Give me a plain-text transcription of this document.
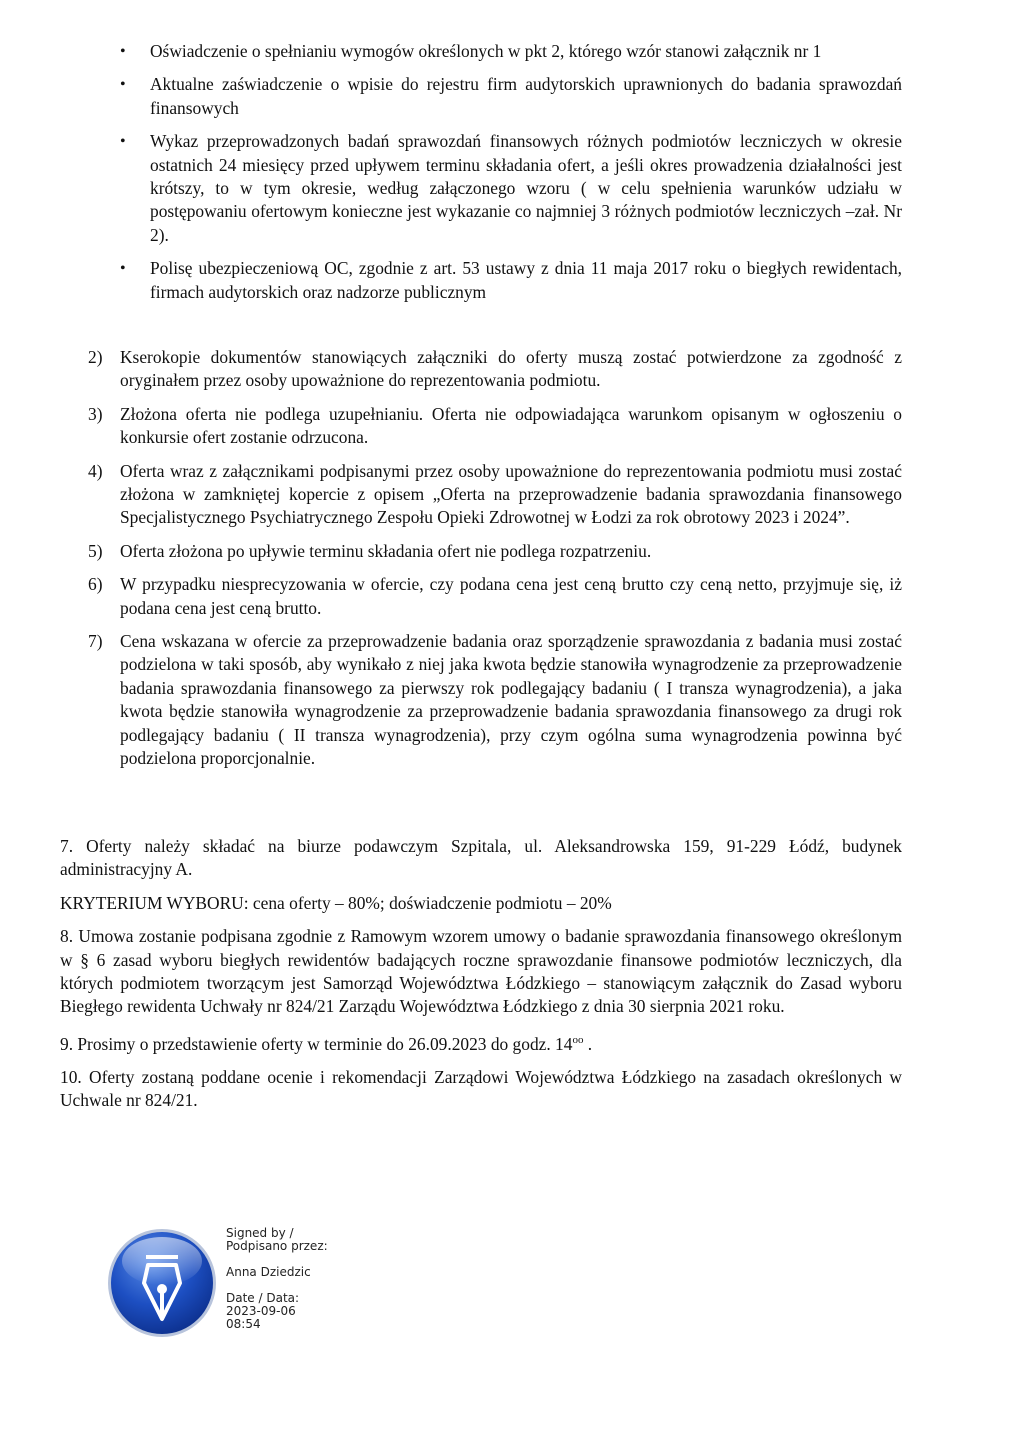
• Oświadczenie o spełnianiu wymogów określonych w pkt 2, którego wzór stanowi załącznik nr 1
• Aktualne zaświadczenie o wpisie do rejestru firm audytorskich uprawnionych do badania sprawozdań finansowych
• Wykaz przeprowadzonych badań sprawozdań finansowych różnych podmiotów leczniczych w okresie ostatnich 24 miesięcy przed upływem terminu składania ofert, a jeśli okres prowadzenia działalności jest krótszy, to w tym okresie, według załączonego wzoru ( w celu spełnienia warunków udziału w postępowaniu ofertowym konieczne jest wykazanie co najmniej 3 różnych podmiotów leczniczych –zał. Nr 2).
• Polisę ubezpieczeniową OC, zgodnie z art. 53 ustawy z dnia 11 maja 2017 roku o biegłych rewidentach, firmach audytorskich oraz nadzorze publicznym
2) Kserokopie dokumentów stanowiących załączniki do oferty muszą zostać potwierdzone za zgodność z oryginałem przez osoby upoważnione do reprezentowania podmiotu.
3) Złożona oferta nie podlega uzupełnianiu. Oferta nie odpowiadająca warunkom opisanym w ogłoszeniu o konkursie ofert zostanie odrzucona.
4) Oferta wraz z załącznikami podpisanymi przez osoby upoważnione do reprezentowania podmiotu musi zostać złożona w zamkniętej kopercie z opisem „Oferta na przeprowadzenie badania sprawozdania finansowego Specjalistycznego Psychiatrycznego Zespołu Opieki Zdrowotnej w Łodzi za rok obrotowy 2023 i 2024”.
5) Oferta złożona po upływie terminu składania ofert nie podlega rozpatrzeniu.
6) W przypadku niesprecyzowania w ofercie, czy podana cena jest ceną brutto czy ceną netto, przyjmuje się, iż podana cena jest ceną brutto.
7) Cena wskazana w ofercie za przeprowadzenie badania oraz sporządzenie sprawozdania z badania musi zostać podzielona w taki sposób, aby wynikało z niej jaka kwota będzie stanowiła wynagrodzenie za przeprowadzenie badania sprawozdania finansowego za pierwszy rok podlegający badaniu ( I transza wynagrodzenia), a jaka kwota będzie stanowiła wynagrodzenie za przeprowadzenie badania sprawozdania finansowego za drugi rok podlegający badaniu ( II transza wynagrodzenia), przy czym ogólna suma wynagrodzenia powinna być podzielona proporcjonalnie.

7. Oferty należy składać na biurze podawczym Szpitala, ul. Aleksandrowska 159, 91-229 Łódź, budynek administracyjny A.

KRYTERIUM WYBORU: cena oferty – 80%; doświadczenie podmiotu – 20%

8. Umowa zostanie podpisana zgodnie z Ramowym wzorem umowy o badanie sprawozdania finansowego określonym w § 6 zasad wyboru biegłych rewidentów badających roczne sprawozdanie finansowe podmiotów leczniczych, dla których podmiotem tworzącym jest Samorząd Województwa Łódzkiego – stanowiącym załącznik do Zasad wyboru Biegłego rewidenta Uchwały nr 824/21 Zarządu Województwa Łódzkiego z dnia 30 sierpnia 2021 roku.

9. Prosimy o przedstawienie oferty w terminie do 26.09.2023 do godz. $14^{oo}$ .

10. Oferty zostaną poddane ocenie i rekomendacji Zarządowi Województwa Łódzkiego na zasadach określonych w Uchwale nr 824/21.

Signed by /
Podpisano przez:
Anna Dziedzic
Date / Data:
2023-09-06
08:54
